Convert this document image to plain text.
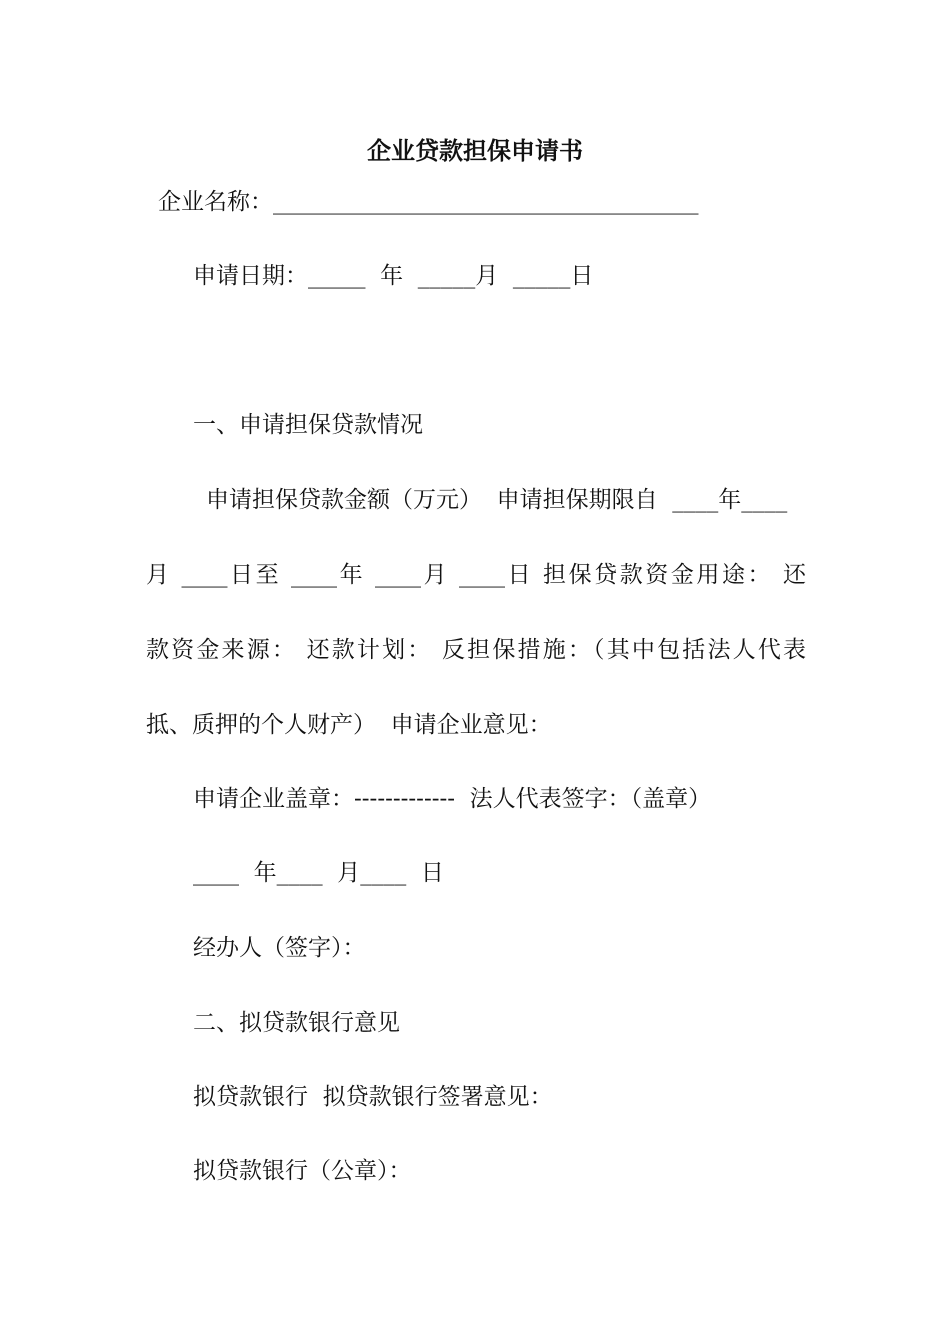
企业贷款担保申请书

企业名称：_____________________________________

申请日期：_____  年  _____月  _____日

一、申请担保贷款情况

申请担保贷款金额（万元）  申请担保期限自  ____年____

月 ____日至 ____年 ____月 ____日 担保贷款资金用途： 还

款资金来源： 还款计划： 反担保措施：（其中包括法人代表

抵、质押的个人财产）  申请企业意见：

申请企业盖章：-------------  法人代表签字：（盖章）

____  年____  月____  日

经办人（签字）：

二、拟贷款银行意见

拟贷款银行  拟贷款银行签署意见：

拟贷款银行（公章）：
